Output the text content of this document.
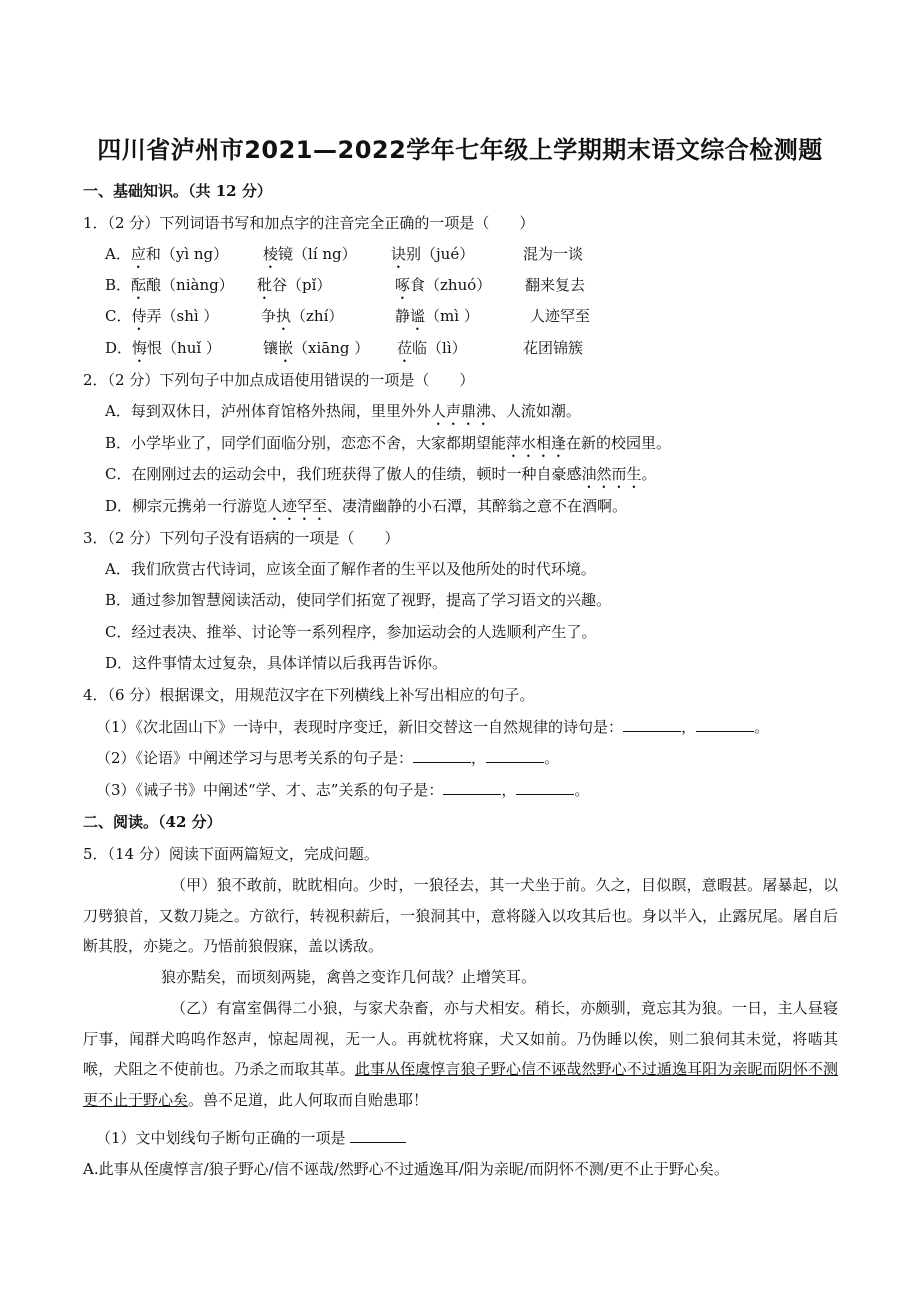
四川省泸州市2021—2022学年七年级上学期期末语文综合检测题
一、基础知识。（共 12 分）
1．（2 分）下列词语书写和加点字的注音完全正确的一项是（　　）
A．应和（yì ng） 棱镜（lí ng） 诀别（jué）	混为一谈
B．酝酿（niàng） 秕谷（pǐ）	啄食（zhuó） 翻来复去
C．侍弄（shì ）	争执（zhí）	静谧（mì ）	人迹罕至
D．悔恨（huǐ ）	镶嵌（xiāng ） 莅临（lì）	花团锦簇
2．（2 分）下列句子中加点成语使用错误的一项是（　　）
A．每到双休日，泸州体育馆格外热闹，里里外外人声鼎沸、人流如潮。
B．小学毕业了，同学们面临分别，恋恋不舍，大家都期望能萍水相逢在新的校园里。
C．在刚刚过去的运动会中，我们班获得了傲人的佳绩，顿时一种自豪感油然而生。
D．柳宗元携弟一行游览人迹罕至、凄清幽静的小石潭，其醉翁之意不在酒啊。
3．（2 分）下列句子没有语病的一项是（　　）
A．我们欣赏古代诗词，应该全面了解作者的生平以及他所处的时代环境。
B．通过参加智慧阅读活动，使同学们拓宽了视野，提高了学习语文的兴趣。
C．经过表决、推举、讨论等一系列程序，参加运动会的人选顺利产生了。
D．这件事情太过复杂，具体详情以后我再告诉你。
4．（6 分）根据课文，用规范汉字在下列横线上补写出相应的句子。
（1）《次北固山下》一诗中，表现时序变迁，新旧交替这一自然规律的诗句是：	，	。
（2）《论语》中阐述学习与思考关系的句子是：	，	。
（3）《诫子书》中阐述“学、才、志”关系的句子是：	，	。
二、阅读。（42 分）
5．（14 分）阅读下面两篇短文，完成问题。
（甲）狼不敢前，眈眈相向。少时，一狼径去，其一犬坐于前。久之，目似瞑，意暇甚。屠暴起，以刀劈狼首，又数刀毙之。方欲行，转视积薪后，一狼洞其中，意将隧入以攻其后也。身以半入，止露尻尾。屠自后断其股，亦毙之。乃悟前狼假寐，盖以诱敌。
狼亦黠矣，而顷刻两毙，禽兽之变诈几何哉？止增笑耳。
（乙）有富室偶得二小狼，与家犬杂畜，亦与犬相安。稍长，亦颇驯，竟忘其为狼。一日，主人昼寝厅事，闻群犬呜呜作怒声，惊起周视，无一人。再就枕将寐，犬又如前。乃伪睡以俟，则二狼伺其未觉，将啮其喉，犬阻之不使前也。乃杀之而取其革。此事从侄虞惇言狼子野心信不诬哉然野心不过遁逸耳阳为亲昵而阴怀不测更不止于野心矣。兽不足道，此人何取而自贻患耶！
（1）文中划线句子断句正确的一项是
A.此事从侄虞惇言/狼子野心/信不诬哉/然野心不过遁逸耳/阳为亲昵/而阴怀不测/更不止于野心矣。
